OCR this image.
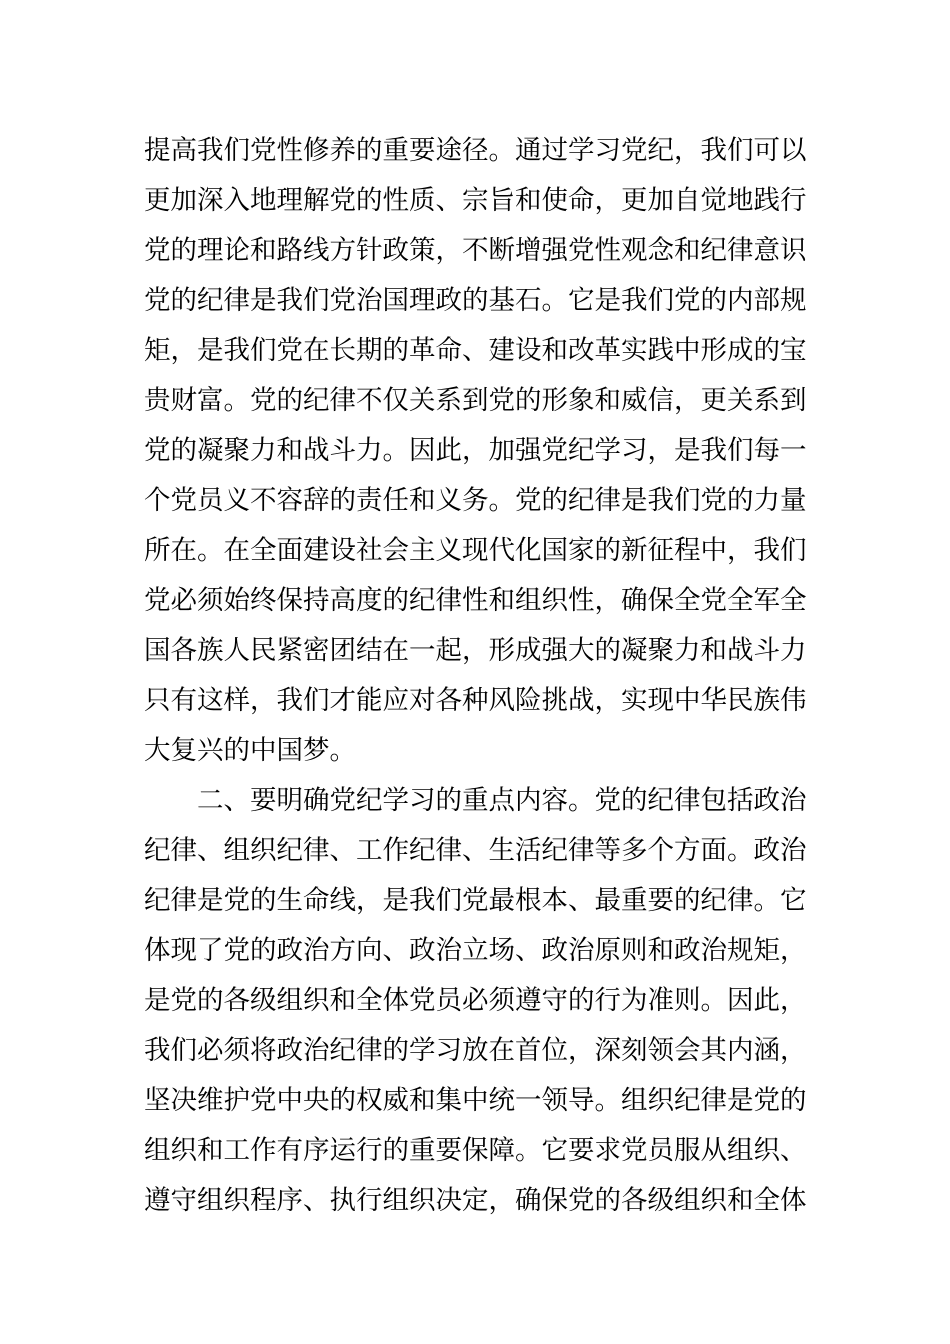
提高我们党性修养的重要途径。通过学习党纪，我们可以
更加深入地理解党的性质、宗旨和使命，更加自觉地践行
党的理论和路线方针政策，不断增强党性观念和纪律意识
党的纪律是我们党治国理政的基石。它是我们党的内部规
矩，是我们党在长期的革命、建设和改革实践中形成的宝
贵财富。党的纪律不仅关系到党的形象和威信，更关系到
党的凝聚力和战斗力。因此，加强党纪学习，是我们每一
个党员义不容辞的责任和义务。党的纪律是我们党的力量
所在。在全面建设社会主义现代化国家的新征程中，我们
党必须始终保持高度的纪律性和组织性，确保全党全军全
国各族人民紧密团结在一起，形成强大的凝聚力和战斗力
只有这样，我们才能应对各种风险挑战，实现中华民族伟
大复兴的中国梦。
二、要明确党纪学习的重点内容。党的纪律包括政治
纪律、组织纪律、工作纪律、生活纪律等多个方面。政治
纪律是党的生命线，是我们党最根本、最重要的纪律。它
体现了党的政治方向、政治立场、政治原则和政治规矩，
是党的各级组织和全体党员必须遵守的行为准则。因此，
我们必须将政治纪律的学习放在首位，深刻领会其内涵，
坚决维护党中央的权威和集中统一领导。组织纪律是党的
组织和工作有序运行的重要保障。它要求党员服从组织、
遵守组织程序、执行组织决定，确保党的各级组织和全体
